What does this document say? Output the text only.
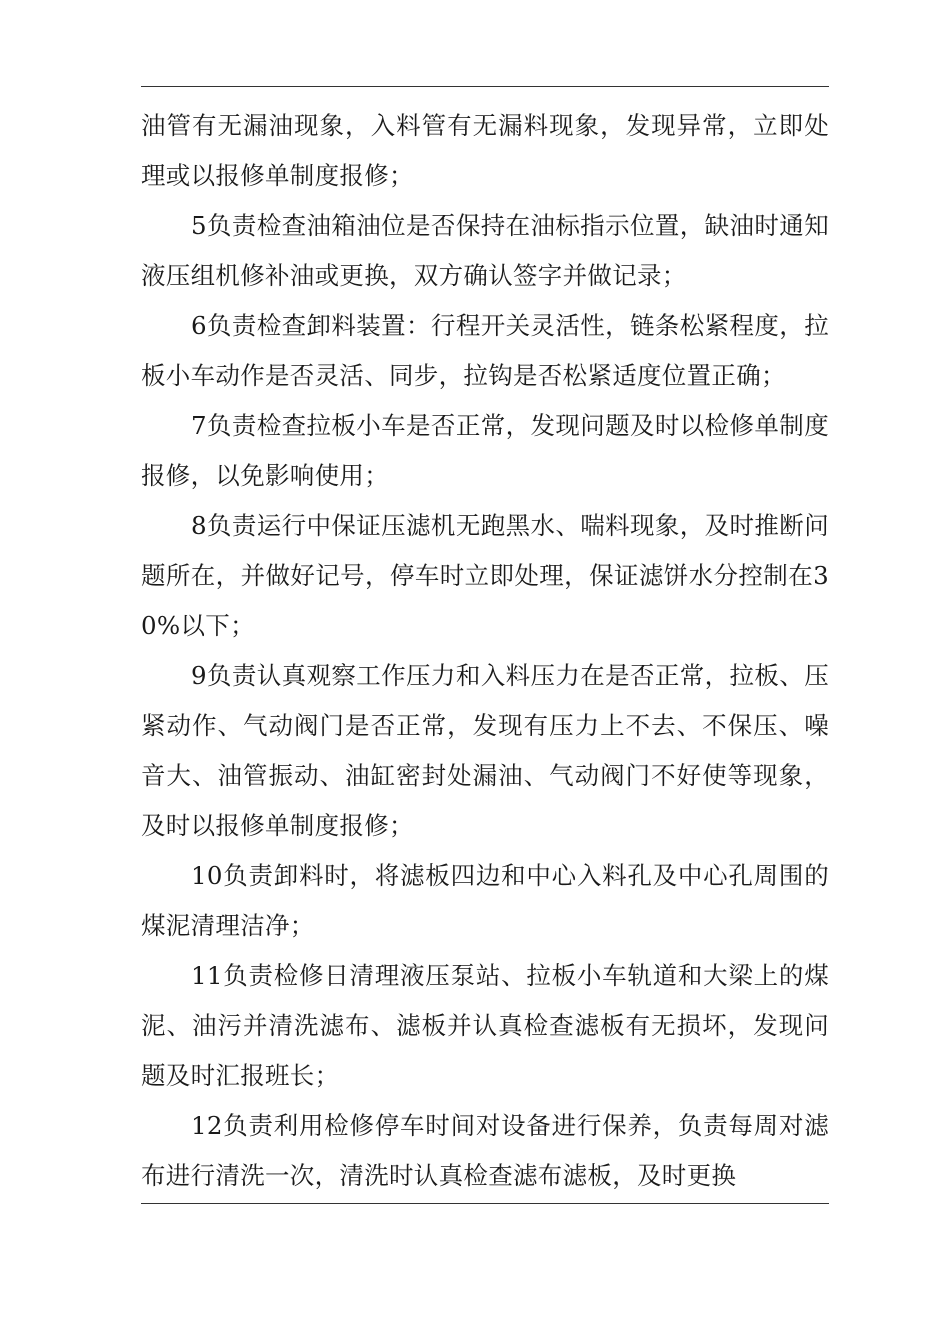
油管有无漏油现象，入料管有无漏料现象，发现异常，立即处理或以报修单制度报修；

5负责检查油箱油位是否保持在油标指示位置，缺油时通知液压组机修补油或更换，双方确认签字并做记录；

6负责检查卸料装置：行程开关灵活性，链条松紧程度，拉板小车动作是否灵活、同步，拉钩是否松紧适度位置正确；

7负责检查拉板小车是否正常，发现问题及时以检修单制度报修，以免影响使用；

8负责运行中保证压滤机无跑黑水、喘料现象，及时推断问题所在，并做好记号，停车时立即处理，保证滤饼水分控制在30%以下；

9负责认真观察工作压力和入料压力在是否正常，拉板、压紧动作、气动阀门是否正常，发现有压力上不去、不保压、噪音大、油管振动、油缸密封处漏油、气动阀门不好使等现象，及时以报修单制度报修；

10负责卸料时，将滤板四边和中心入料孔及中心孔周围的煤泥清理洁净；

11负责检修日清理液压泵站、拉板小车轨道和大梁上的煤泥、油污并清洗滤布、滤板并认真检查滤板有无损坏，发现问题及时汇报班长；

12负责利用检修停车时间对设备进行保养，负责每周对滤布进行清洗一次，清洗时认真检查滤布滤板，及时更换
